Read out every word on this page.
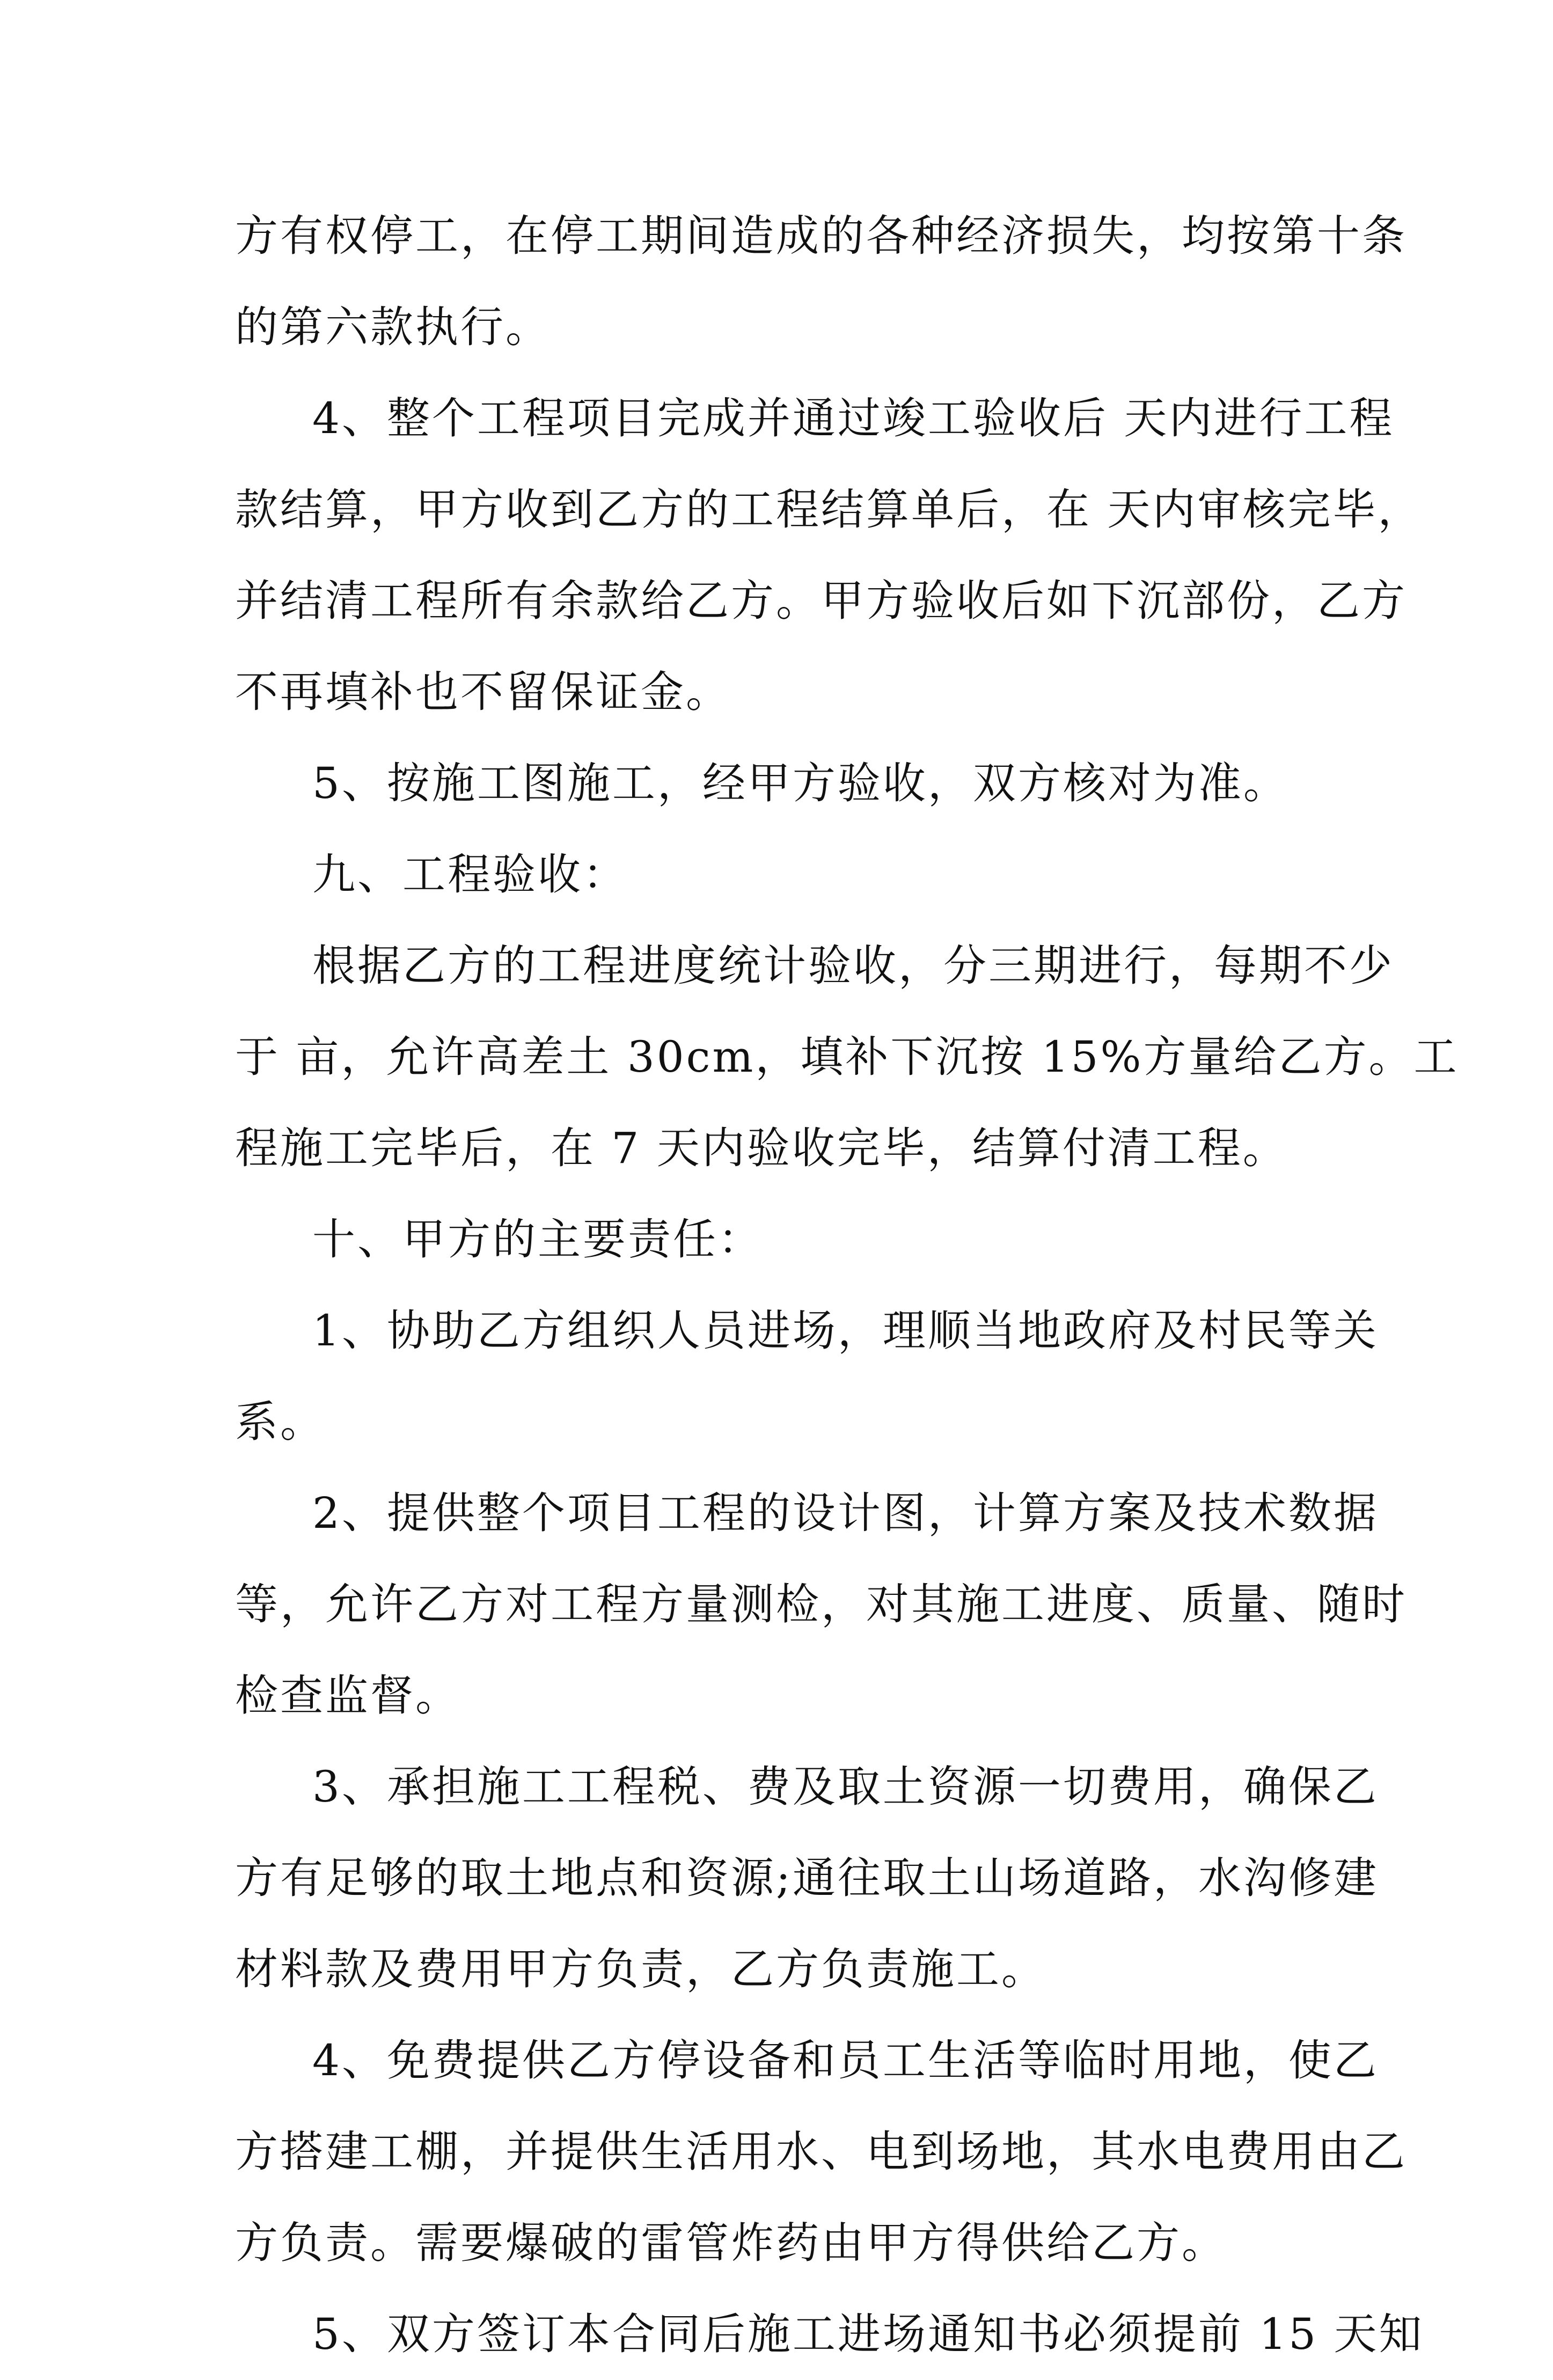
方有权停工，在停工期间造成的各种经济损失，均按第十条
的第六款执行。
4、整个工程项目完成并通过竣工验收后 天内进行工程
款结算，甲方收到乙方的工程结算单后，在 天内审核完毕，
并结清工程所有余款给乙方。甲方验收后如下沉部份，乙方
不再填补也不留保证金。
5、按施工图施工，经甲方验收，双方核对为准。
九、工程验收：
根据乙方的工程进度统计验收，分三期进行，每期不少
于 亩，允许高差土 30cm，填补下沉按 15%方量给乙方。工
程施工完毕后，在 7 天内验收完毕，结算付清工程。
十、甲方的主要责任：
1、协助乙方组织人员进场，理顺当地政府及村民等关
系。
2、提供整个项目工程的设计图，计算方案及技术数据
等，允许乙方对工程方量测检，对其施工进度、质量、随时
检查监督。
3、承担施工工程税、费及取土资源一切费用，确保乙
方有足够的取土地点和资源;通往取土山场道路，水沟修建
材料款及费用甲方负责，乙方负责施工。
4、免费提供乙方停设备和员工生活等临时用地，使乙
方搭建工棚，并提供生活用水、电到场地，其水电费用由乙
方负责。需要爆破的雷管炸药由甲方得供给乙方。
5、双方签订本合同后施工进场通知书必须提前 15 天知
